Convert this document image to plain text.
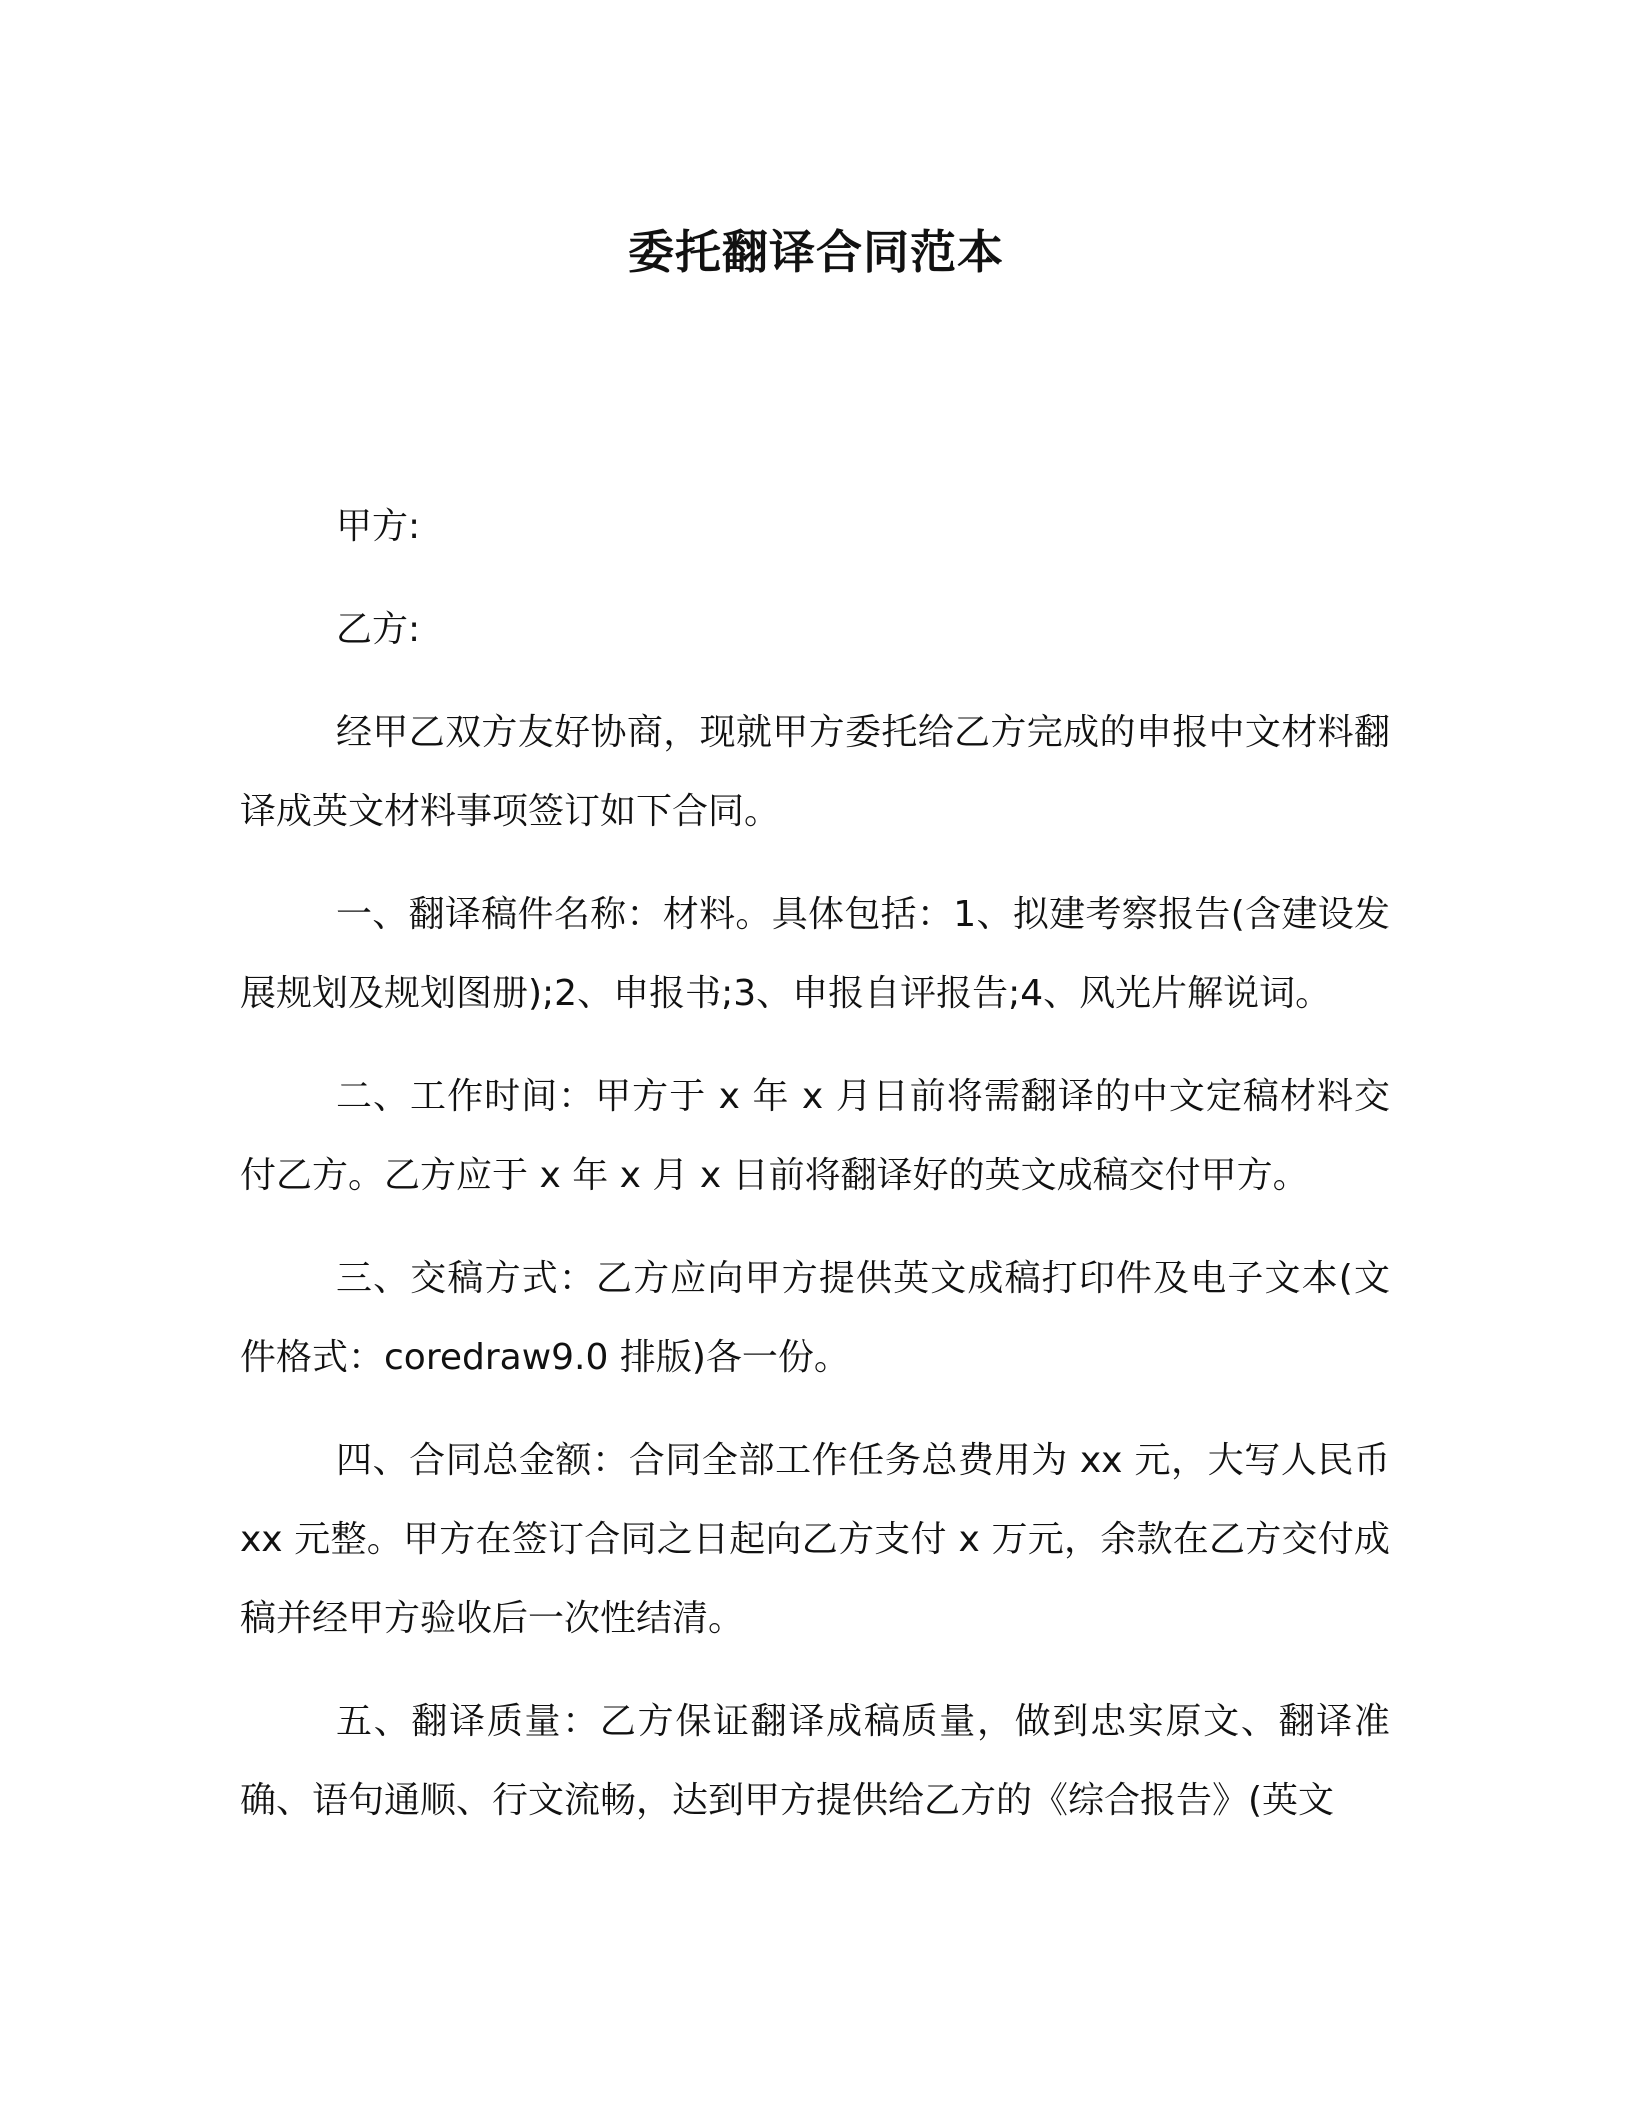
委托翻译合同范本

甲方:

乙方:

经甲乙双方友好协商，现就甲方委托给乙方完成的申报中文材料翻译成英文材料事项签订如下合同。

一、翻译稿件名称：材料。具体包括：1、拟建考察报告(含建设发展规划及规划图册);2、申报书;3、申报自评报告;4、风光片解说词。

二、工作时间：甲方于 x 年 x 月日前将需翻译的中文定稿材料交付乙方。乙方应于 x 年 x 月 x 日前将翻译好的英文成稿交付甲方。

三、交稿方式：乙方应向甲方提供英文成稿打印件及电子文本(文件格式：coredraw9.0 排版)各一份。

四、合同总金额：合同全部工作任务总费用为 xx 元，大写人民币 xx 元整。甲方在签订合同之日起向乙方支付 x 万元，余款在乙方交付成稿并经甲方验收后一次性结清。

五、翻译质量：乙方保证翻译成稿质量，做到忠实原文、翻译准确、语句通顺、行文流畅，达到甲方提供给乙方的《综合报告》(英文
